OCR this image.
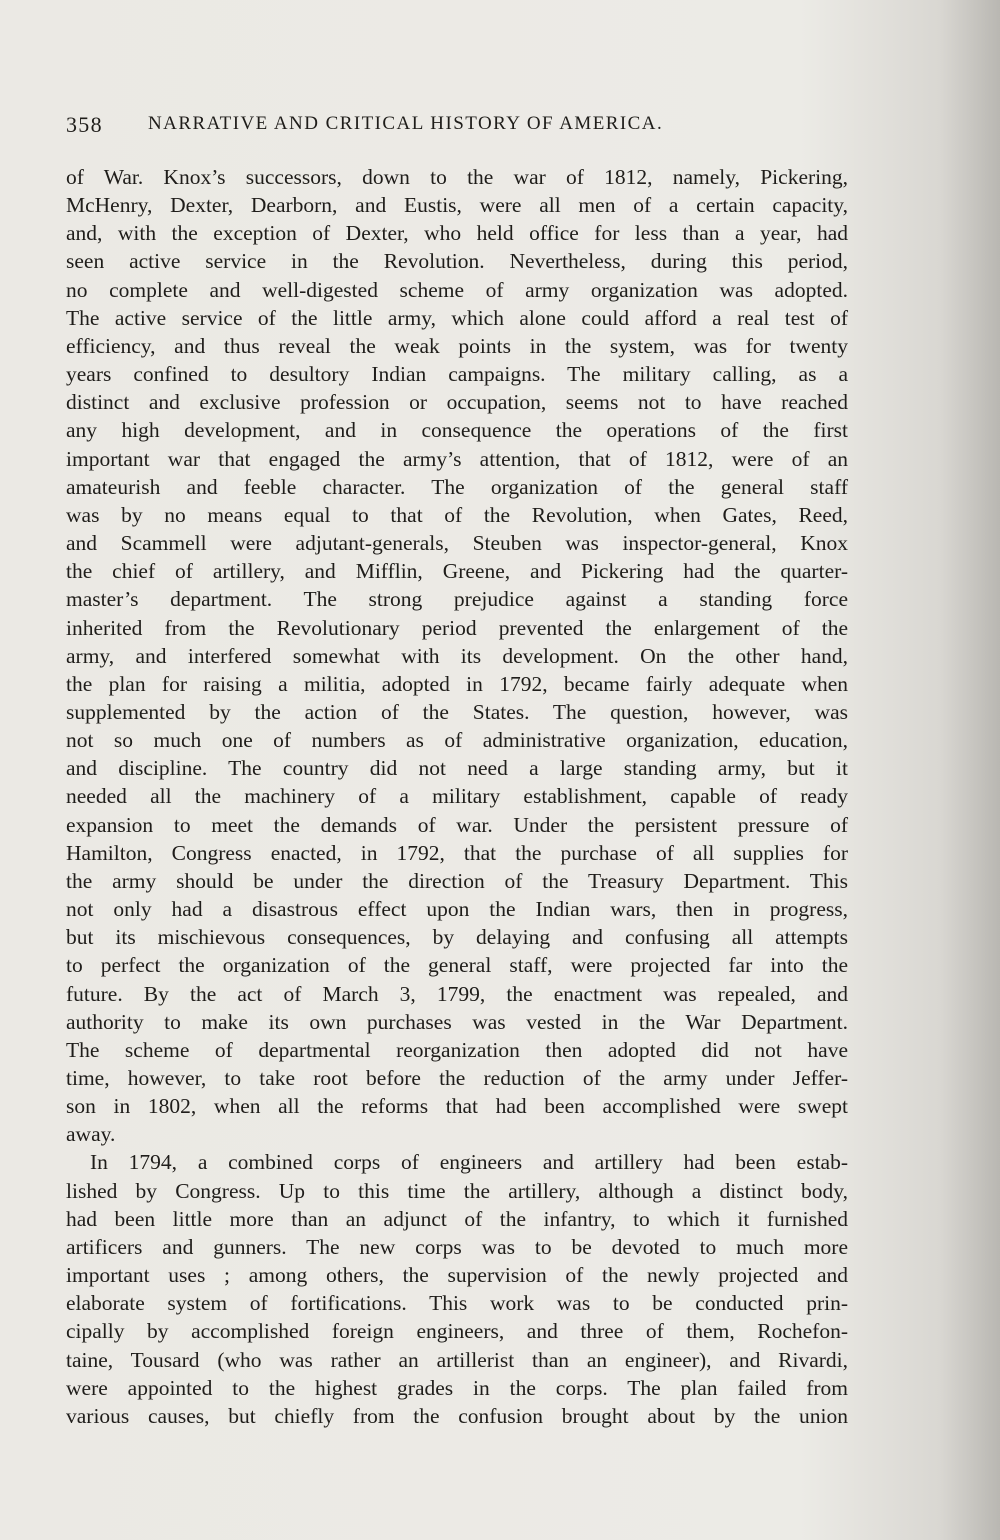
358 NARRATIVE AND CRITICAL HISTORY OF AMERICA.
of War. Knox’s successors, down to the war of 1812, namely, Pickering,
McHenry, Dexter, Dearborn, and Eustis, were all men of a certain capacity,
and, with the exception of Dexter, who held office for less than a year, had
seen active service in the Revolution. Nevertheless, during this period,
no complete and well-digested scheme of army organization was adopted.
The active service of the little army, which alone could afford a real test of
efficiency, and thus reveal the weak points in the system, was for twenty
years confined to desultory Indian campaigns. The military calling, as a
distinct and exclusive profession or occupation, seems not to have reached
any high development, and in consequence the operations of the first
important war that engaged the army’s attention, that of 1812, were of an
amateurish and feeble character. The organization of the general staff
was by no means equal to that of the Revolution, when Gates, Reed,
and Scammell were adjutant-generals, Steuben was inspector-general, Knox
the chief of artillery, and Mifflin, Greene, and Pickering had the quarter-
master’s department. The strong prejudice against a standing force
inherited from the Revolutionary period prevented the enlargement of the
army, and interfered somewhat with its development. On the other hand,
the plan for raising a militia, adopted in 1792, became fairly adequate when
supplemented by the action of the States. The question, however, was
not so much one of numbers as of administrative organization, education,
and discipline. The country did not need a large standing army, but it
needed all the machinery of a military establishment, capable of ready
expansion to meet the demands of war. Under the persistent pressure of
Hamilton, Congress enacted, in 1792, that the purchase of all supplies for
the army should be under the direction of the Treasury Department. This
not only had a disastrous effect upon the Indian wars, then in progress,
but its mischievous consequences, by delaying and confusing all attempts
to perfect the organization of the general staff, were projected far into the
future. By the act of March 3, 1799, the enactment was repealed, and
authority to make its own purchases was vested in the War Department.
The scheme of departmental reorganization then adopted did not have
time, however, to take root before the reduction of the army under Jeffer-
son in 1802, when all the reforms that had been accomplished were swept
away.
In 1794, a combined corps of engineers and artillery had been estab-
lished by Congress. Up to this time the artillery, although a distinct body,
had been little more than an adjunct of the infantry, to which it furnished
artificers and gunners. The new corps was to be devoted to much more
important uses ; among others, the supervision of the newly projected and
elaborate system of fortifications. This work was to be conducted prin-
cipally by accomplished foreign engineers, and three of them, Rochefon-
taine, Tousard (who was rather an artillerist than an engineer), and Rivardi,
were appointed to the highest grades in the corps. The plan failed from
various causes, but chiefly from the confusion brought about by the union
